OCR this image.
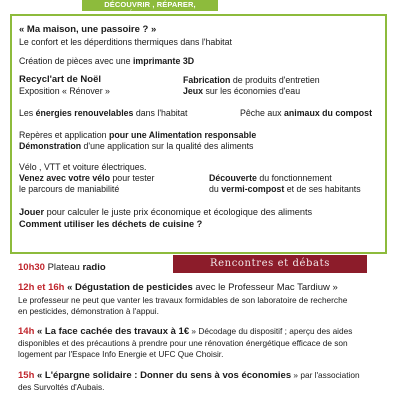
DÉCOUVRIR , RÉPARER, ÉCHANGER
« Ma maison, une passoire ? »
Le confort et les déperditions thermiques dans l'habitat
Création de pièces avec une imprimante 3D
Recycl'art de Noël
Exposition « Rénover »
Fabrication de produits d'entretien
Jeux sur les économies d'eau
Les énergies renouvelables dans l'habitat	Pêche aux animaux du compost
Repères et application pour une Alimentation responsable
Démonstration d'une application sur la qualité des aliments
Vélo , VTT et voiture électriques.
Venez avec votre vélo pour tester
le parcours de maniabilité
Découverte du fonctionnement
du vermi-compost et de ses habitants
Jouer pour calculer le juste prix économique et écologique des aliments
Comment utiliser les déchets de cuisine ?
Rencontres et débats
10h30 Plateau radio
12h et 16h « Dégustation de pesticides avec le Professeur Mac Tardiuw »
Le professeur ne peut que vanter les travaux formidables de son laboratoire de recherche
en pesticides, démonstration à l'appui.
14h « La face cachée des travaux à 1€ » Décodage du dispositif ; aperçu des aides
disponibles et des précautions à prendre pour une rénovation énergétique efficace de son
logement par l'Espace Info Energie et UFC Que Choisir.
15h « L'épargne solidaire : Donner du sens à vos économies » par l'association
des Survoltés d'Aubais.
